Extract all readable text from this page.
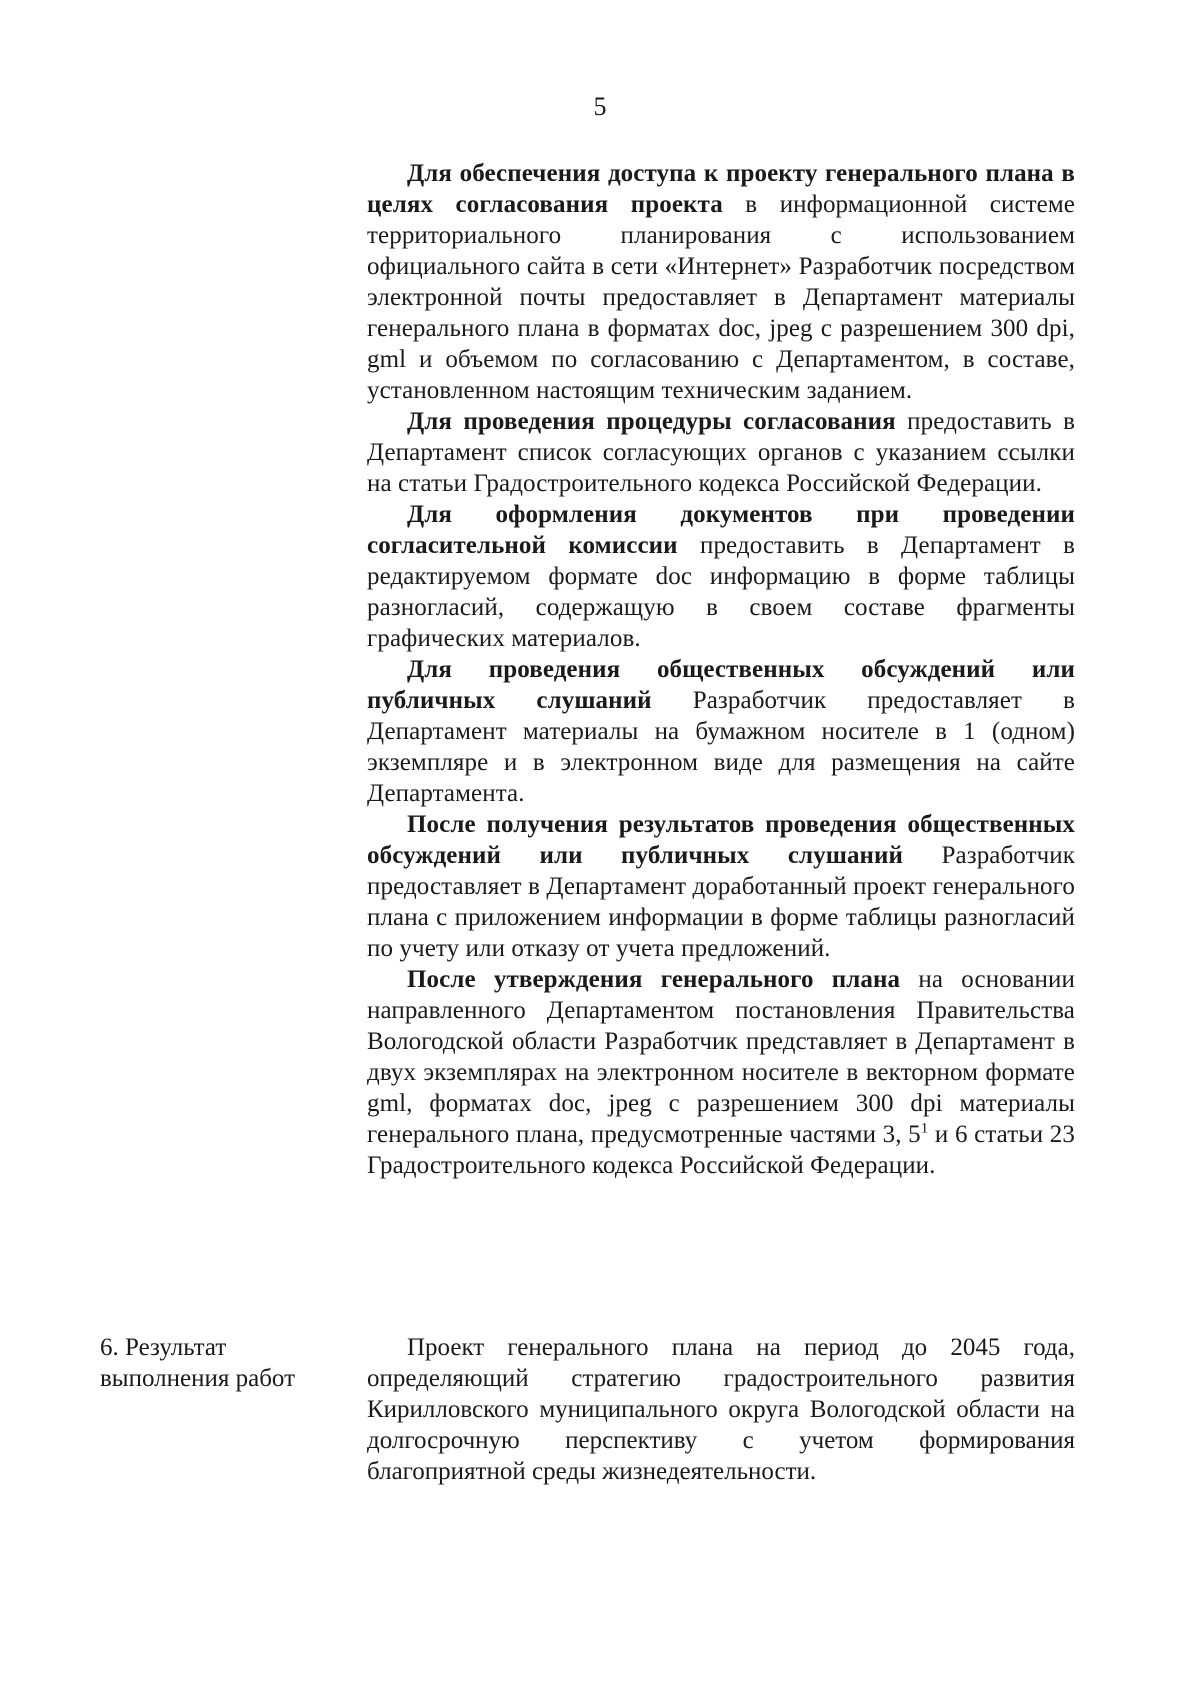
5

Для обеспечения доступа к проекту генерального плана в целях согласования проекта в информационной системе территориального планирования с использованием официального сайта в сети «Интернет» Разработчик посредством электронной почты предоставляет в Департамент материалы генерального плана в форматах doc, jpeg с разрешением 300 dpi, gml и объемом по согласованию с Департаментом, в составе, установленном настоящим техническим заданием.

Для проведения процедуры согласования предоставить в Департамент список согласующих органов с указанием ссылки на статьи Градостроительного кодекса Российской Федерации.

Для оформления документов при проведении согласительной комиссии предоставить в Департамент в редактируемом формате doc информацию в форме таблицы разногласий, содержащую в своем составе фрагменты графических материалов.

Для проведения общественных обсуждений или публичных слушаний Разработчик предоставляет в Департамент материалы на бумажном носителе в 1 (одном) экземпляре и в электронном виде для размещения на сайте Департамента.

После получения результатов проведения общественных обсуждений или публичных слушаний Разработчик предоставляет в Департамент доработанный проект генерального плана с приложением информации в форме таблицы разногласий по учету или отказу от учета предложений.

После утверждения генерального плана на основании направленного Департаментом постановления Правительства Вологодской области Разработчик представляет в Департамент в двух экземплярах на электронном носителе в векторном формате gml, форматах doc, jpeg с разрешением 300 dpi материалы генерального плана, предусмотренные частями 3, $5^1$ и 6 статьи 23 Градостроительного кодекса Российской Федерации.

6. Результат выполнения работ

Проект генерального плана на период до 2045 года, определяющий стратегию градостроительного развития Кирилловского муниципального округа Вологодской области на долгосрочную перспективу с учетом формирования благоприятной среды жизнедеятельности.
